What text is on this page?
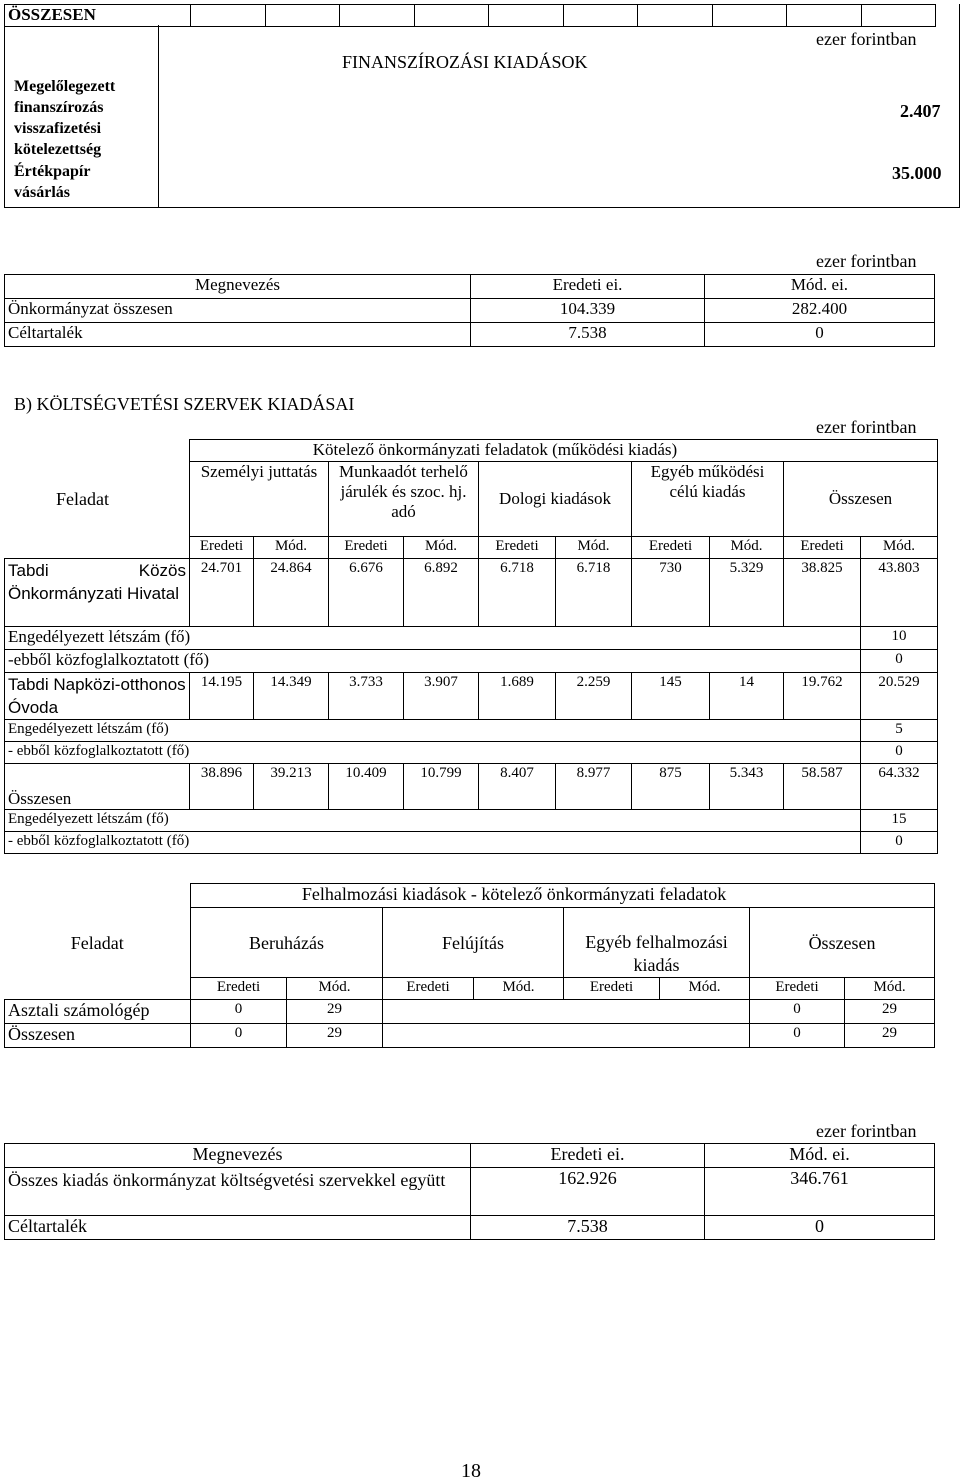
ÖSSZESEN	
FINANSZÍROZÁSI KIADÁSOK
ezer forintban
Megelőlegezett finanszírozás visszafizetési kötelezettség
2.407
Értékpapír vásárlás
35.000
ezer forintban
Megnevezés	Eredeti ei.	Mód. ei.
Önkormányzat összesen	104.339	282.400
Céltartalék	7.538	0
B) KÖLTSÉGVETÉSI SZERVEK KIADÁSAI
ezer forintban
	Kötelező önkormányzati feladatok (működési kiadás)									
	Személyi juttatás		Munkaadót terhelő járulék és szoc. hj. adó		Dologi kiadások		Egyéb működési célú kiadás		Összesen	
	Eredeti	Mód.	Eredeti	Mód.	Eredeti	Mód.	Eredeti	Mód.	Eredeti	Mód.
Tabdi Közös Önkormányzati Hivatal	24.701	24.864	6.676	6.892	6.718	6.718	730	5.329	38.825	43.803
Engedélyezett létszám (fő)										10
-ebből közfoglalkoztatott (fő)										0
Tabdi Napközi-otthonos Óvoda	14.195	14.349	3.733	3.907	1.689	2.259	145	14	19.762	20.529
Engedélyezett létszám (fő)										5
- ebből közfoglalkoztatott (fő)										0
Összesen	38.896	39.213	10.409	10.799	8.407	8.977	875	5.343	58.587	64.332
Engedélyezett létszám (fő)										15
- ebből közfoglalkoztatott (fő)										0
Feladat
	Felhalmozási kiadások - kötelező önkormányzati feladatok							
Feladat	Beruházás		Felújítás		Egyéb felhalmozási kiadás		Összesen	
	Eredeti	Mód.	Eredeti	Mód.	Eredeti	Mód.	Eredeti	Mód.
Asztali számológép	0	29					0	29
Összesen	0	29					0	29
ezer forintban
Megnevezés	Eredeti ei.	Mód. ei.
Összes kiadás önkormányzat költségvetési szervekkel együtt	162.926	346.761
Céltartalék	7.538	0
18
